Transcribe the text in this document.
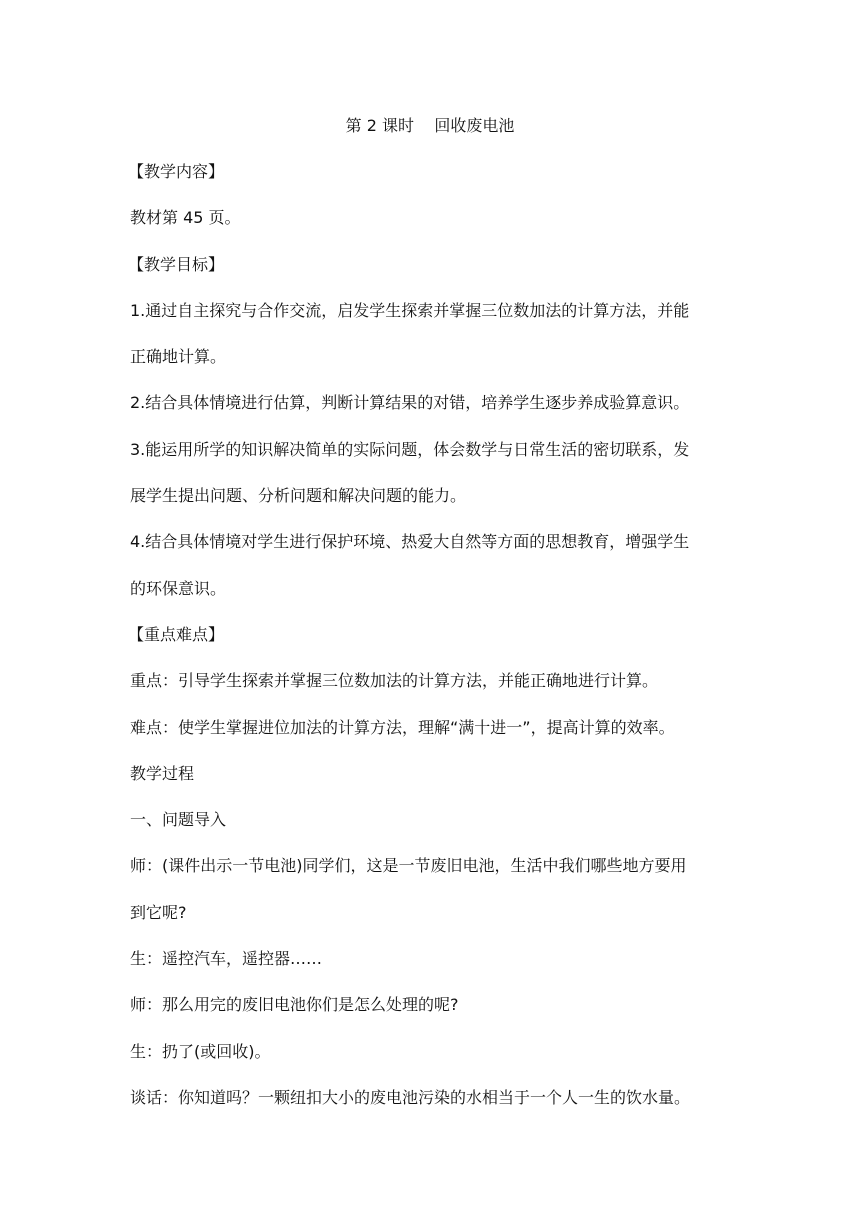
第 2 课时    回收废电池
【教学内容】
教材第 45 页。
【教学目标】
1.通过自主探究与合作交流，启发学生探索并掌握三位数加法的计算方法，并能
正确地计算。
2.结合具体情境进行估算，判断计算结果的对错，培养学生逐步养成验算意识。
3.能运用所学的知识解决简单的实际问题，体会数学与日常生活的密切联系，发
展学生提出问题、分析问题和解决问题的能力。
4.结合具体情境对学生进行保护环境、热爱大自然等方面的思想教育，增强学生
的环保意识。
【重点难点】
重点：引导学生探索并掌握三位数加法的计算方法，并能正确地进行计算。
难点：使学生掌握进位加法的计算方法，理解“满十进一”，提高计算的效率。
教学过程
一、问题导入
师：(课件出示一节电池)同学们，这是一节废旧电池，生活中我们哪些地方要用
到它呢?
生：遥控汽车，遥控器……
师：那么用完的废旧电池你们是怎么处理的呢?
生：扔了(或回收)。
谈话：你知道吗？一颗纽扣大小的废电池污染的水相当于一个人一生的饮水量。
